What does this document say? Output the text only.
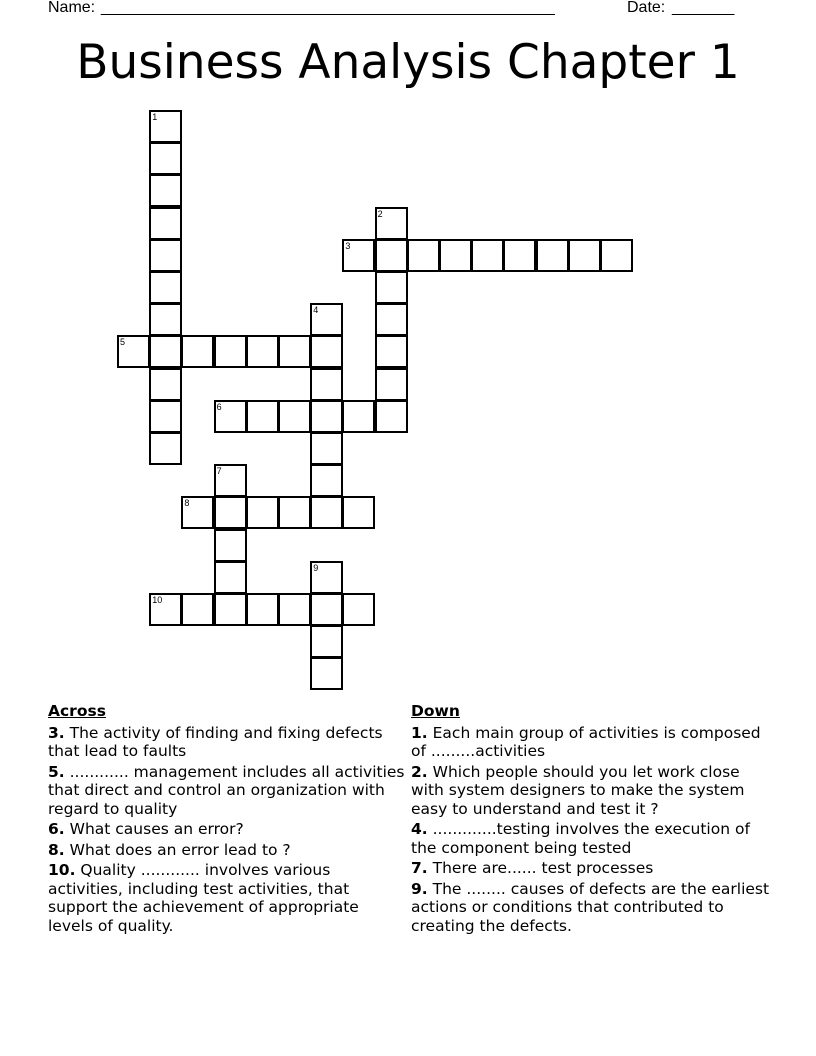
Name: ___________________________________________________	Date: _______
Business Analysis Chapter 1
1
2
3
4
5
6
7
8
9
10
Across
3. The activity of finding and fixing defects that lead to faults
5. ............ management includes all activities that direct and control an organization with regard to quality
6. What causes an error?
8. What does an error lead to ?
10. Quality ............ involves various activities, including test activities, that support the achievement of appropriate levels of quality.
Down
1. Each main group of activities is composed of .........activities
2. Which people should you let work close with system designers to make the system easy to understand and test it ?
4. .............testing involves the execution of the component being tested
7. There are...... test processes
9. The ........ causes of defects are the earliest actions or conditions that contributed to creating the defects.
